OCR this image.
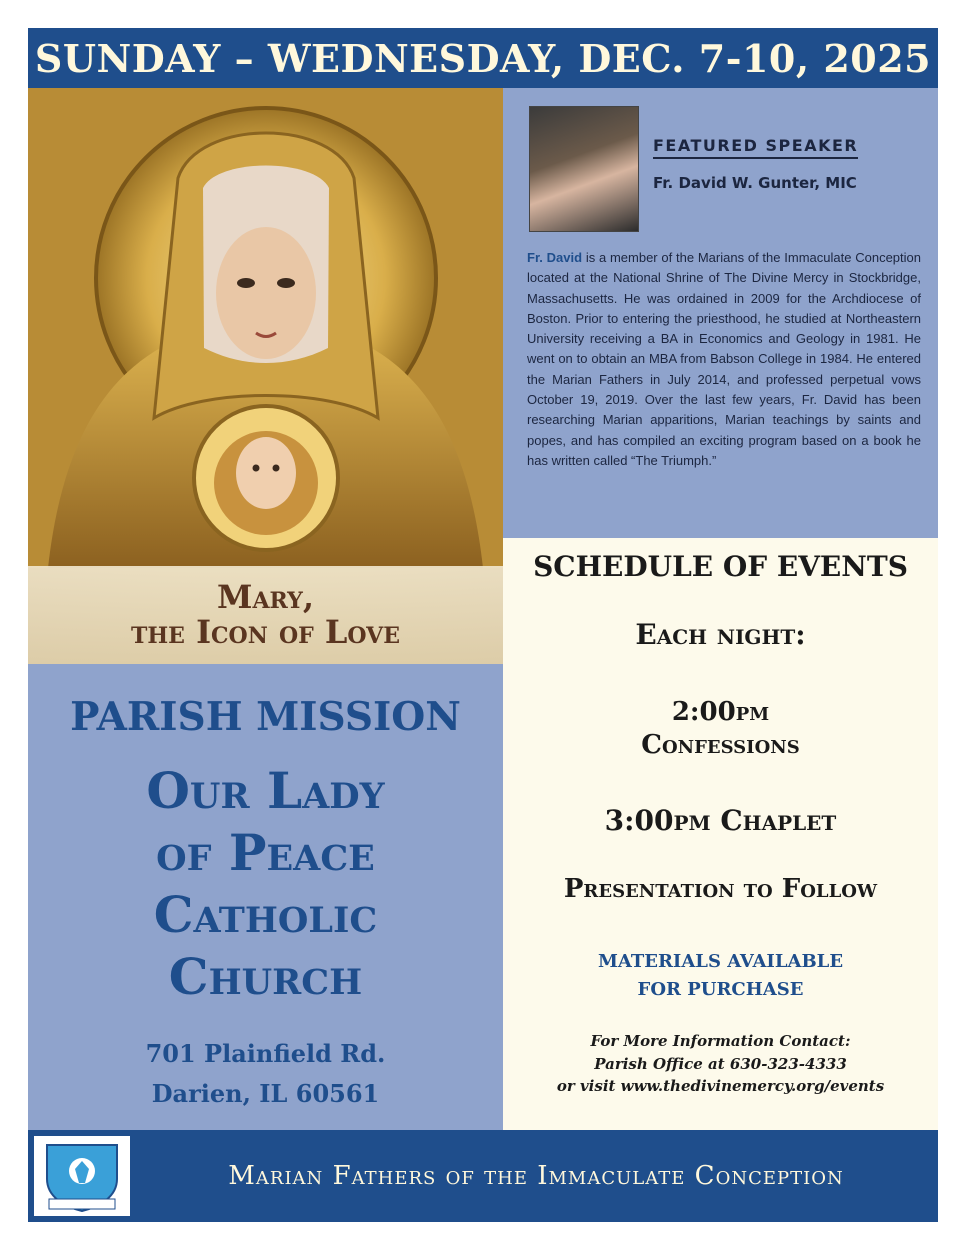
SUNDAY – WEDNESDAY, DEC. 7-10, 2025
Mary,
the Icon of Love
FEATURED SPEAKER
Fr. David W. Gunter, MIC

Fr. David is a member of the Marians of the Immaculate Conception located at the National Shrine of The Divine Mercy in Stockbridge, Massachusetts. He was ordained in 2009 for the Archdiocese of Boston. Prior to entering the priesthood, he studied at Northeastern University receiving a BA in Economics and Geology in 1981. He went on to obtain an MBA from Babson College in 1984. He entered the Marian Fathers in July 2014, and professed perpetual vows October 19, 2019. Over the last few years, Fr. David has been researching Marian apparitions, Marian teachings by saints and popes, and has compiled an exciting program based on a book he has written called “The Triumph.”

SCHEDULE OF EVENTS
Each night:
2:00pm
Confessions
3:00pm Chaplet
Presentation to Follow
MATERIALS AVAILABLE
FOR PURCHASE
For More Information Contact:
Parish Office at 630-323-4333
or visit www.thedivinemercy.org/events
PARISH MISSION
Our Lady
of Peace
Catholic
Church
701 Plainfield Rd.
Darien, IL 60561
Marian Fathers of the Immaculate Conception
